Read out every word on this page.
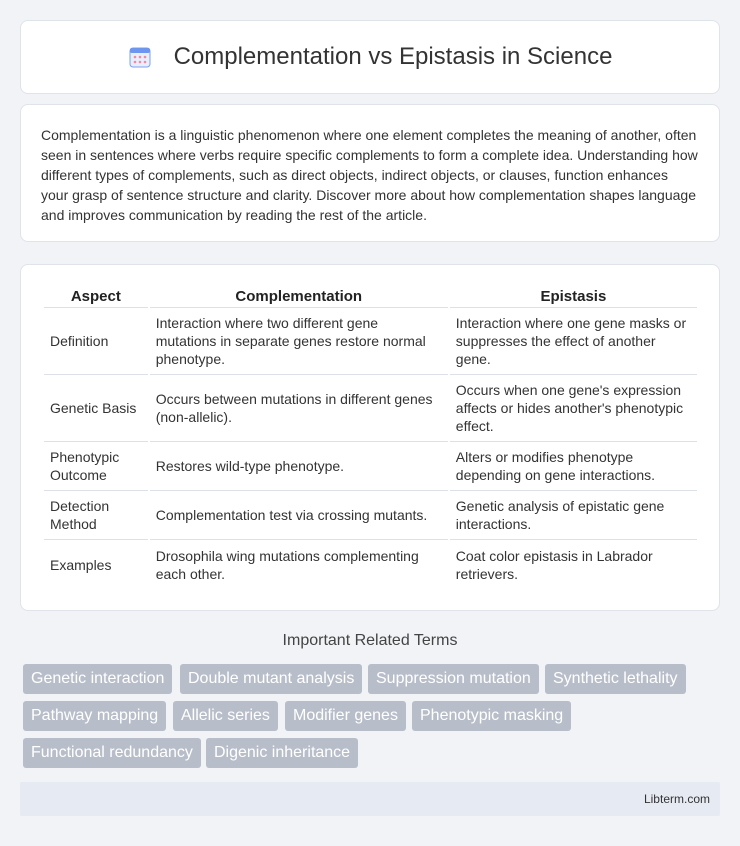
Complementation vs Epistasis in Science

Complementation is a linguistic phenomenon where one element completes the meaning of another, often seen in sentences where verbs require specific complements to form a complete idea. Understanding how different types of complements, such as direct objects, indirect objects, or clauses, function enhances your grasp of sentence structure and clarity. Discover more about how complementation shapes language and improves communication by reading the rest of the article.

Aspect	Complementation	Epistasis
Definition	Interaction where two different gene mutations in separate genes restore normal phenotype.	Interaction where one gene masks or suppresses the effect of another gene.
Genetic Basis	Occurs between mutations in different genes (non-allelic).	Occurs when one gene's expression affects or hides another's phenotypic effect.
Phenotypic Outcome	Restores wild-type phenotype.	Alters or modifies phenotype depending on gene interactions.
Detection Method	Complementation test via crossing mutants.	Genetic analysis of epistatic gene interactions.
Examples	Drosophila wing mutations complementing each other.	Coat color epistasis in Labrador retrievers.
Important Related Terms
Genetic interaction	Double mutant analysis	Suppression mutation	Synthetic lethality
Pathway mapping	Allelic series	Modifier genes	Phenotypic masking
Functional redundancy	Digenic inheritance
Libterm.com
